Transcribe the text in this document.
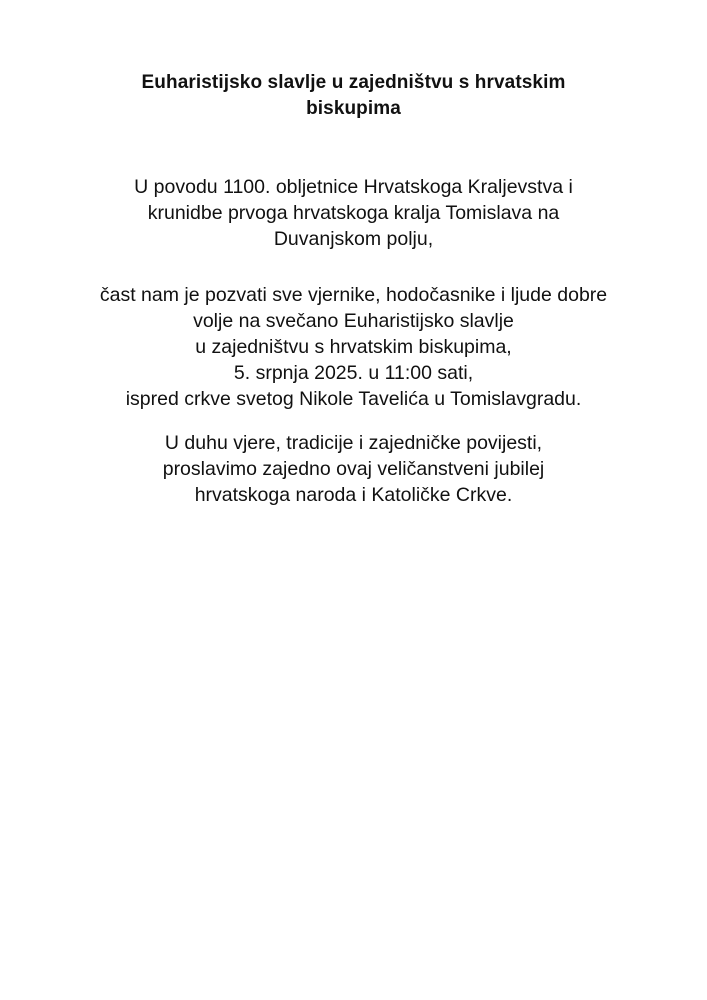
Euharistijsko slavlje u zajedništvu s hrvatskim
biskupima
U povodu 1100. obljetnice Hrvatskoga Kraljevstva i
krunidbe prvoga hrvatskoga kralja Tomislava na
Duvanjskom polju,
čast nam je pozvati sve vjernike, hodočasnike i ljude dobre
volje na svečano Euharistijsko slavlje
u zajedništvu s hrvatskim biskupima,
5. srpnja 2025. u 11:00 sati,
ispred crkve svetog Nikole Tavelića u Tomislavgradu.
U duhu vjere, tradicije i zajedničke povijesti,
proslavimo zajedno ovaj veličanstveni jubilej
hrvatskoga naroda i Katoličke Crkve.
